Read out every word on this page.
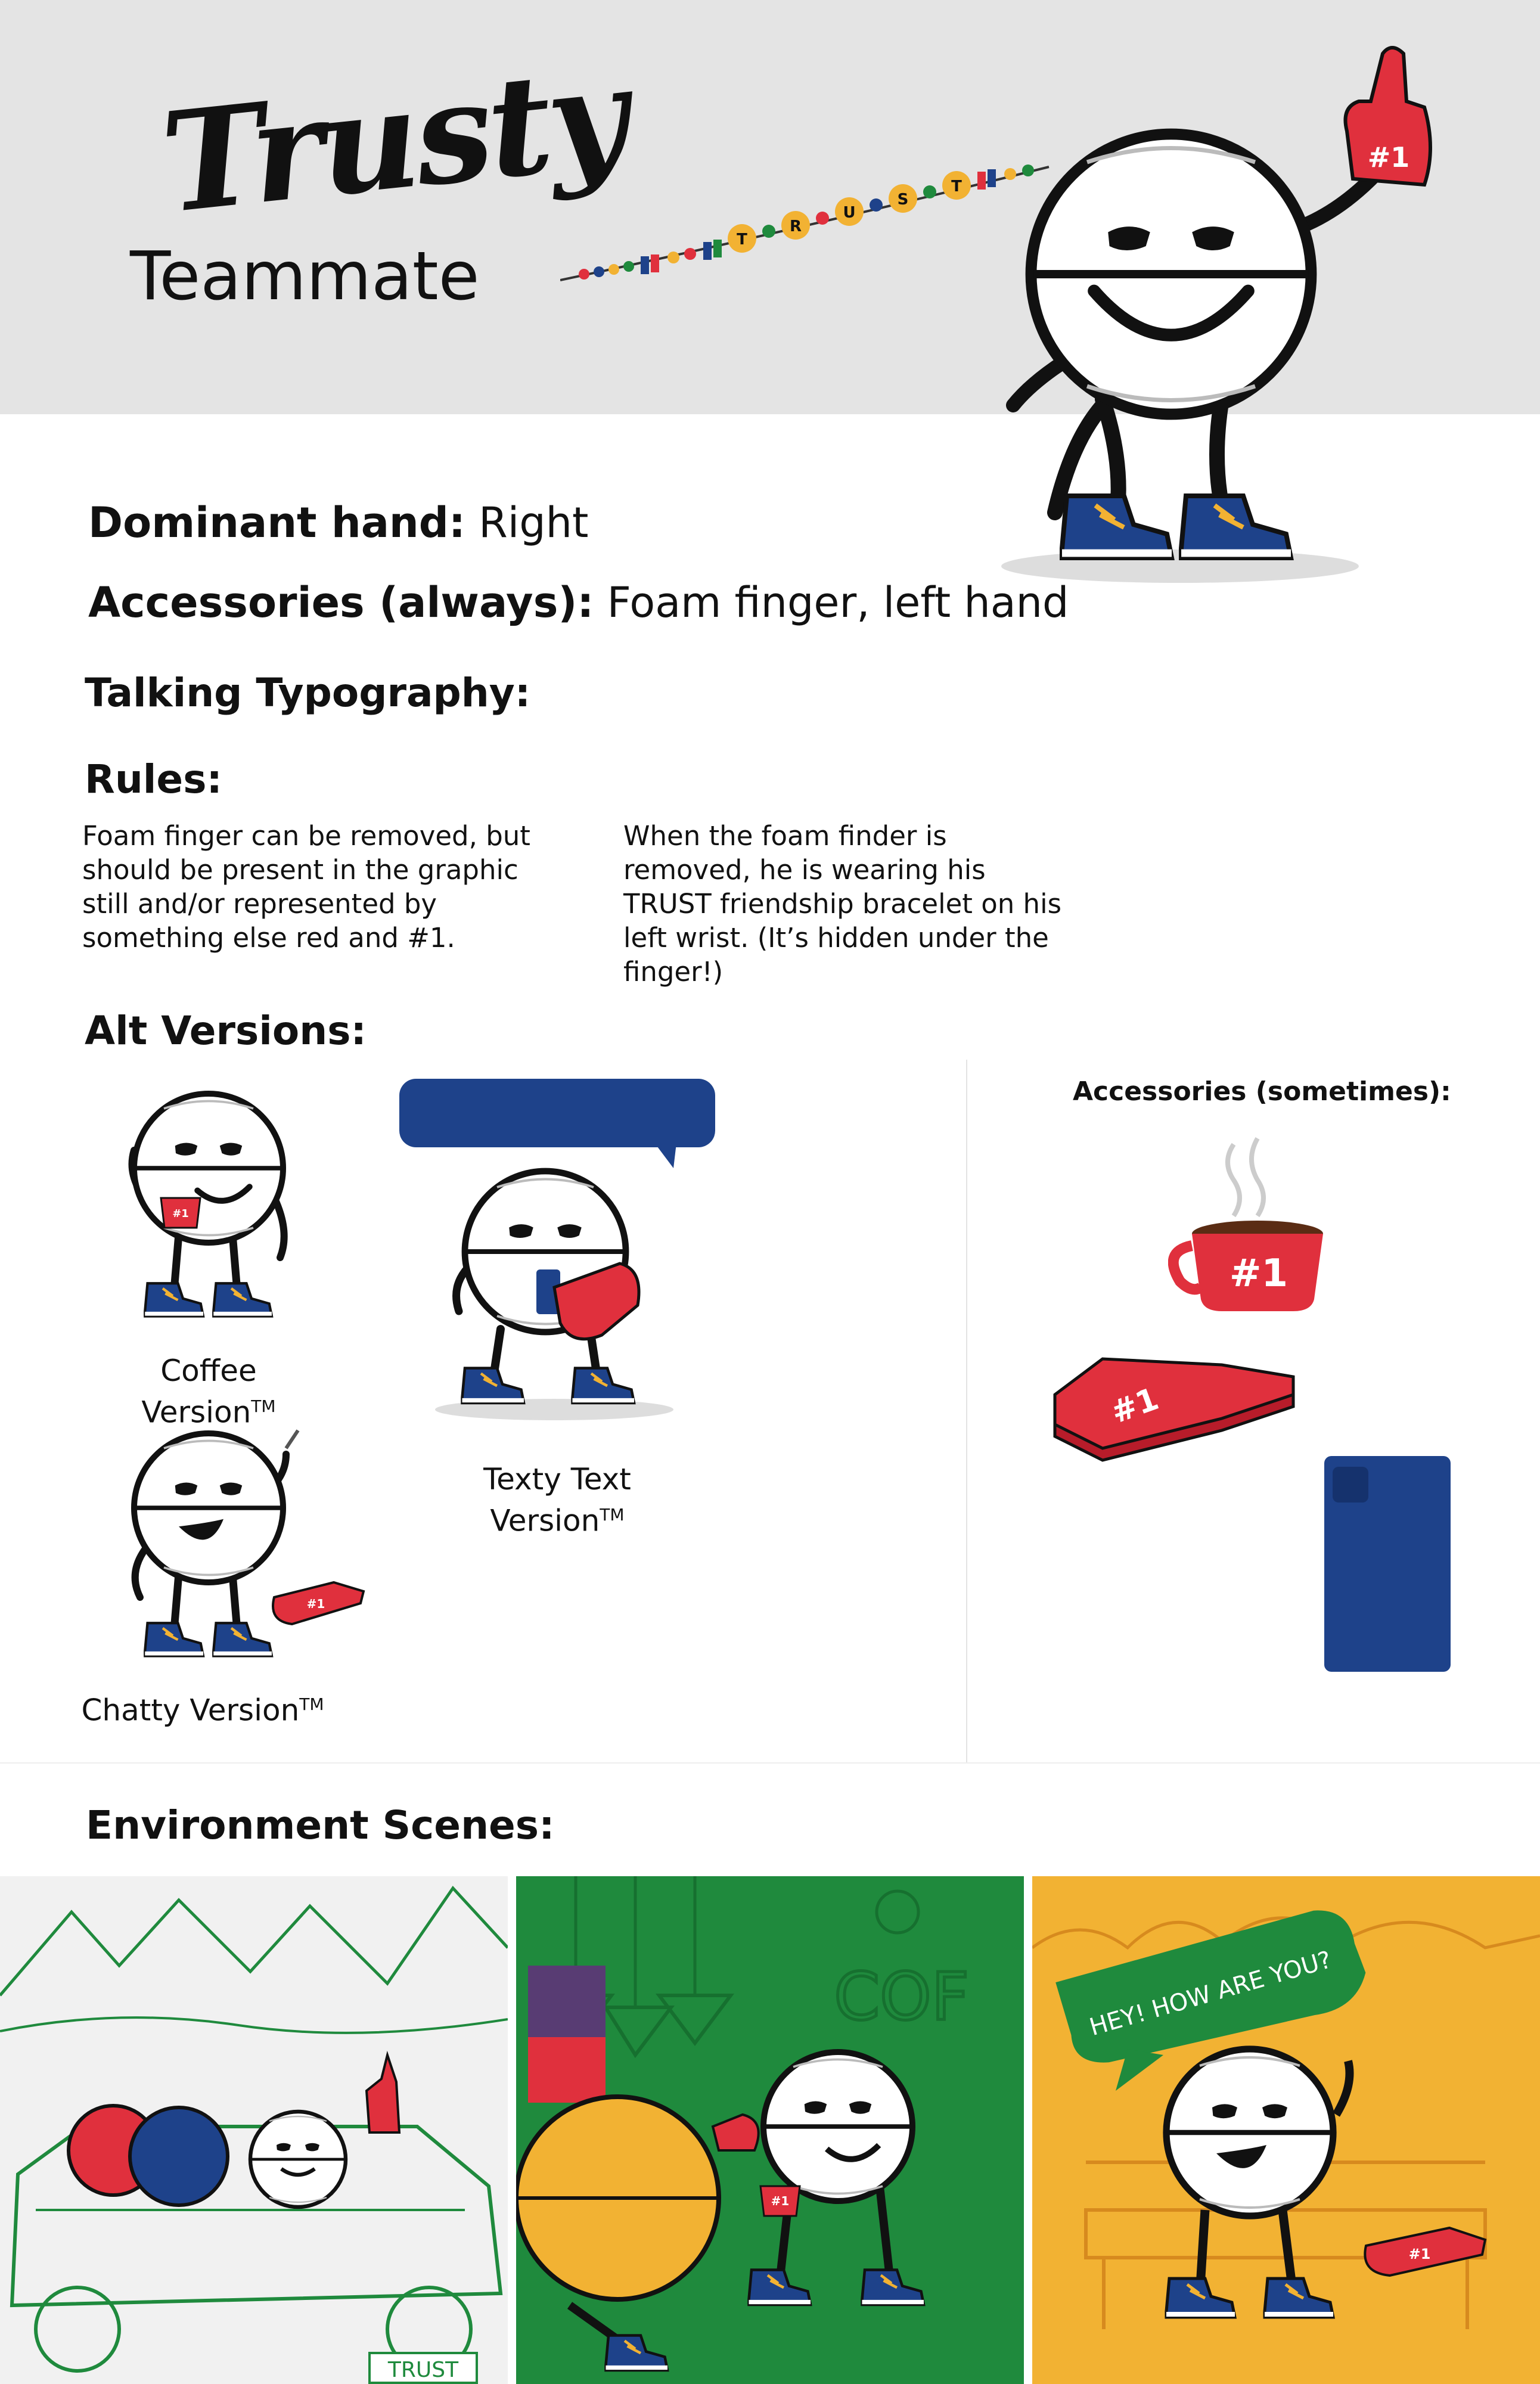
Trusty
Teammate	T
R
U
S
T
#1
Dominant hand: Right
Accessories (always): Foam finger, left hand
Talking Typography:
Rules:
Foam finger can be removed, but should be present in the graphic still and/or represented by something else red and #1.
When the foam finder is removed, he is wearing his TRUST friendship bracelet on his left wrist. (It’s hidden under the finger!)
Alt Versions:
#1
Coffee Version™
Texty Text
Version™
#1
Chatty Version™
Accessories (sometimes):
#1
#1
Environment Scenes:
TRUST
COF
#1
HEY! HOW ARE YOU?
#1
